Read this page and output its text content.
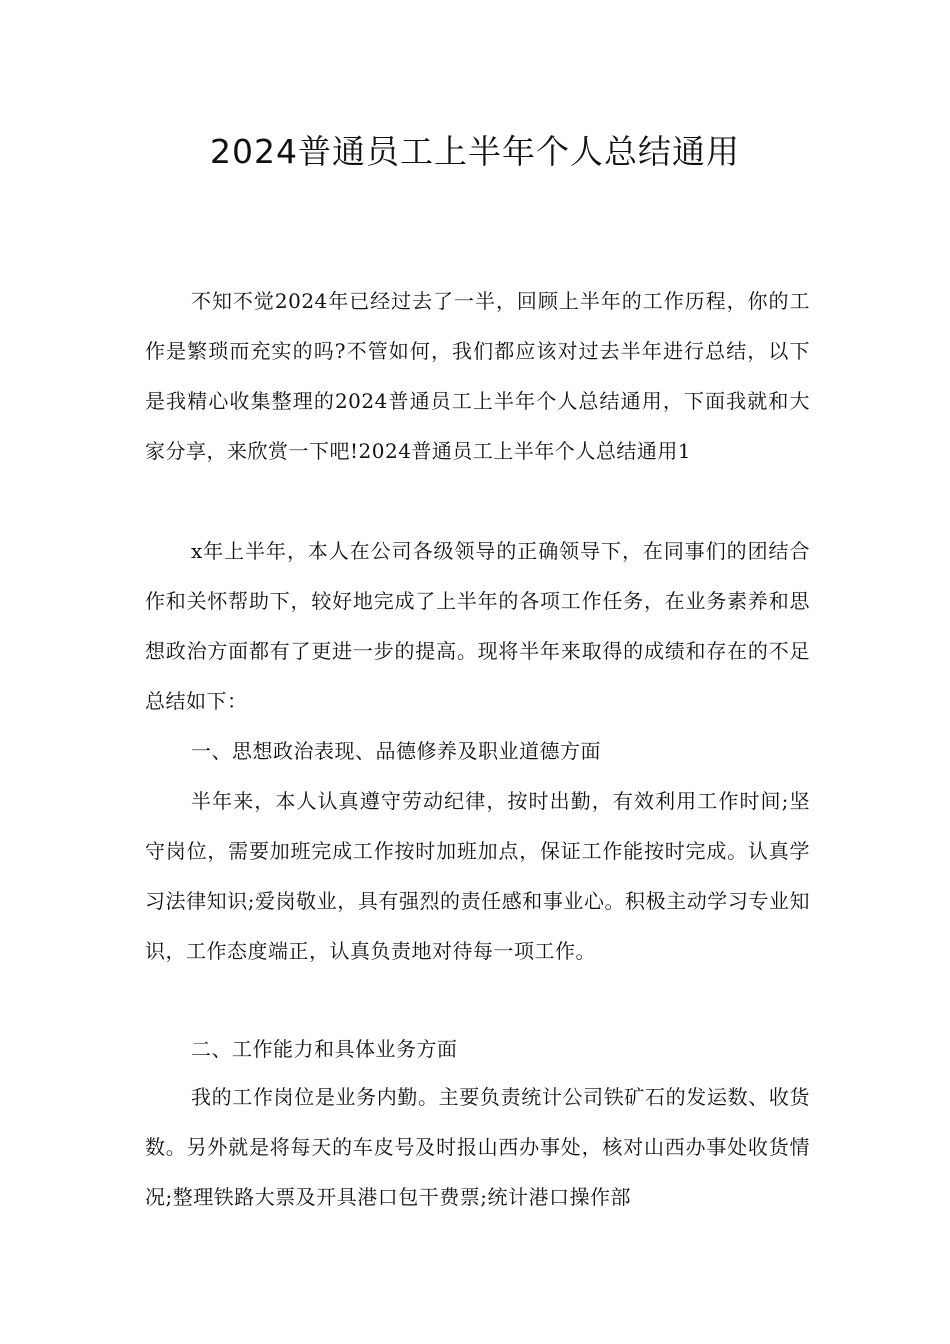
2024普通员工上半年个人总结通用

不知不觉2024年已经过去了一半，回顾上半年的工作历程，你的工作是繁琐而充实的吗?不管如何，我们都应该对过去半年进行总结，以下是我精心收集整理的2024普通员工上半年个人总结通用，下面我就和大家分享，来欣赏一下吧!2024普通员工上半年个人总结通用1

x年上半年，本人在公司各级领导的正确领导下，在同事们的团结合作和关怀帮助下，较好地完成了上半年的各项工作任务，在业务素养和思想政治方面都有了更进一步的提高。现将半年来取得的成绩和存在的不足总结如下：

一、思想政治表现、品德修养及职业道德方面

半年来，本人认真遵守劳动纪律，按时出勤，有效利用工作时间;坚守岗位，需要加班完成工作按时加班加点，保证工作能按时完成。认真学习法律知识;爱岗敬业，具有强烈的责任感和事业心。积极主动学习专业知识，工作态度端正，认真负责地对待每一项工作。

二、工作能力和具体业务方面

我的工作岗位是业务内勤。主要负责统计公司铁矿石的发运数、收货数。另外就是将每天的车皮号及时报山西办事处，核对山西办事处收货情况;整理铁路大票及开具港口包干费票;统计港口操作部
